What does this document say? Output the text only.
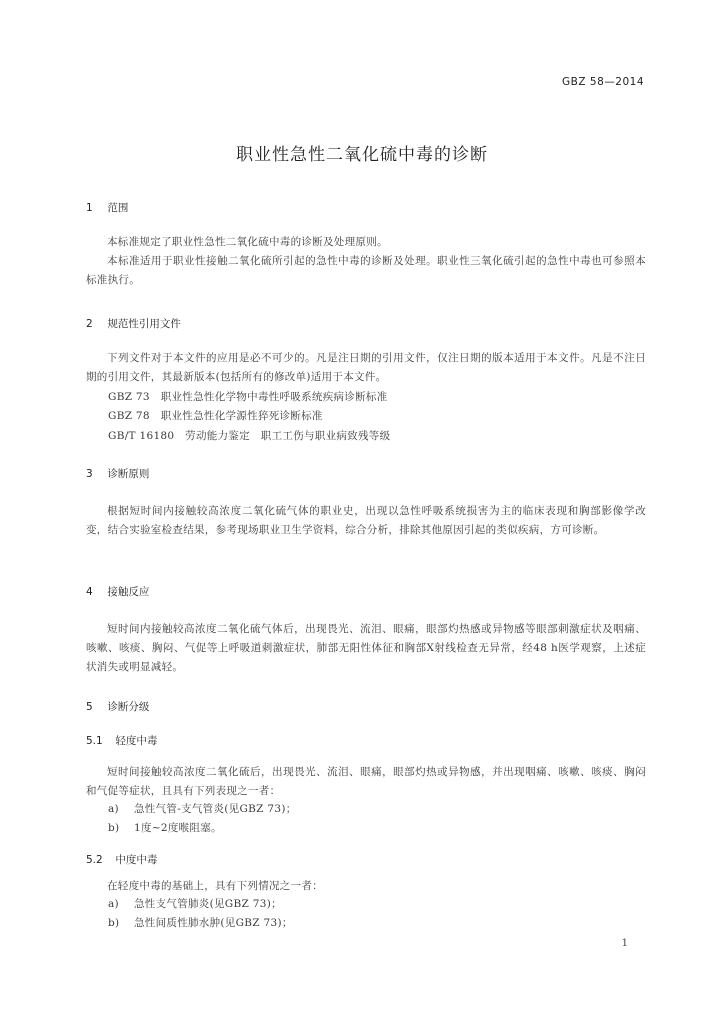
GBZ 58—2014
职业性急性二氧化硫中毒的诊断
1 范围
本标准规定了职业性急性二氧化硫中毒的诊断及处理原则。
本标准适用于职业性接触二氧化硫所引起的急性中毒的诊断及处理。职业性三氧化硫引起的急性中毒也可参照本标准执行。
2 规范性引用文件
下列文件对于本文件的应用是必不可少的。凡是注日期的引用文件，仅注日期的版本适用于本文件。凡是不注日期的引用文件，其最新版本(包括所有的修改单)适用于本文件。
GBZ 73　职业性急性化学物中毒性呼吸系统疾病诊断标准
GBZ 78　职业性急性化学源性猝死诊断标准
GB/T 16180　劳动能力鉴定　职工工伤与职业病致残等级
3 诊断原则
根据短时间内接触较高浓度二氧化硫气体的职业史，出现以急性呼吸系统损害为主的临床表现和胸部影像学改变，结合实验室检查结果，参考现场职业卫生学资料，综合分析，排除其他原因引起的类似疾病，方可诊断。
4 接触反应
短时间内接触较高浓度二氧化硫气体后，出现畏光、流泪、眼痛，眼部灼热感或异物感等眼部刺激症状及咽痛、咳嗽、咳痰、胸闷、气促等上呼吸道刺激症状，肺部无阳性体征和胸部X射线检查无异常，经48 h医学观察，上述症状消失或明显减轻。
5 诊断分级
5.1 轻度中毒
短时间接触较高浓度二氧化硫后，出现畏光、流泪、眼痛，眼部灼热或异物感，并出现咽痛、咳嗽、咳痰、胸闷和气促等症状，且具有下列表现之一者：
a) 急性气管-支气管炎(见GBZ 73)；
b) 1度~2度喉阻塞。
5.2 中度中毒
在轻度中毒的基础上，具有下列情况之一者：
a) 急性支气管肺炎(见GBZ 73)；
b) 急性间质性肺水肿(见GBZ 73)；
1
